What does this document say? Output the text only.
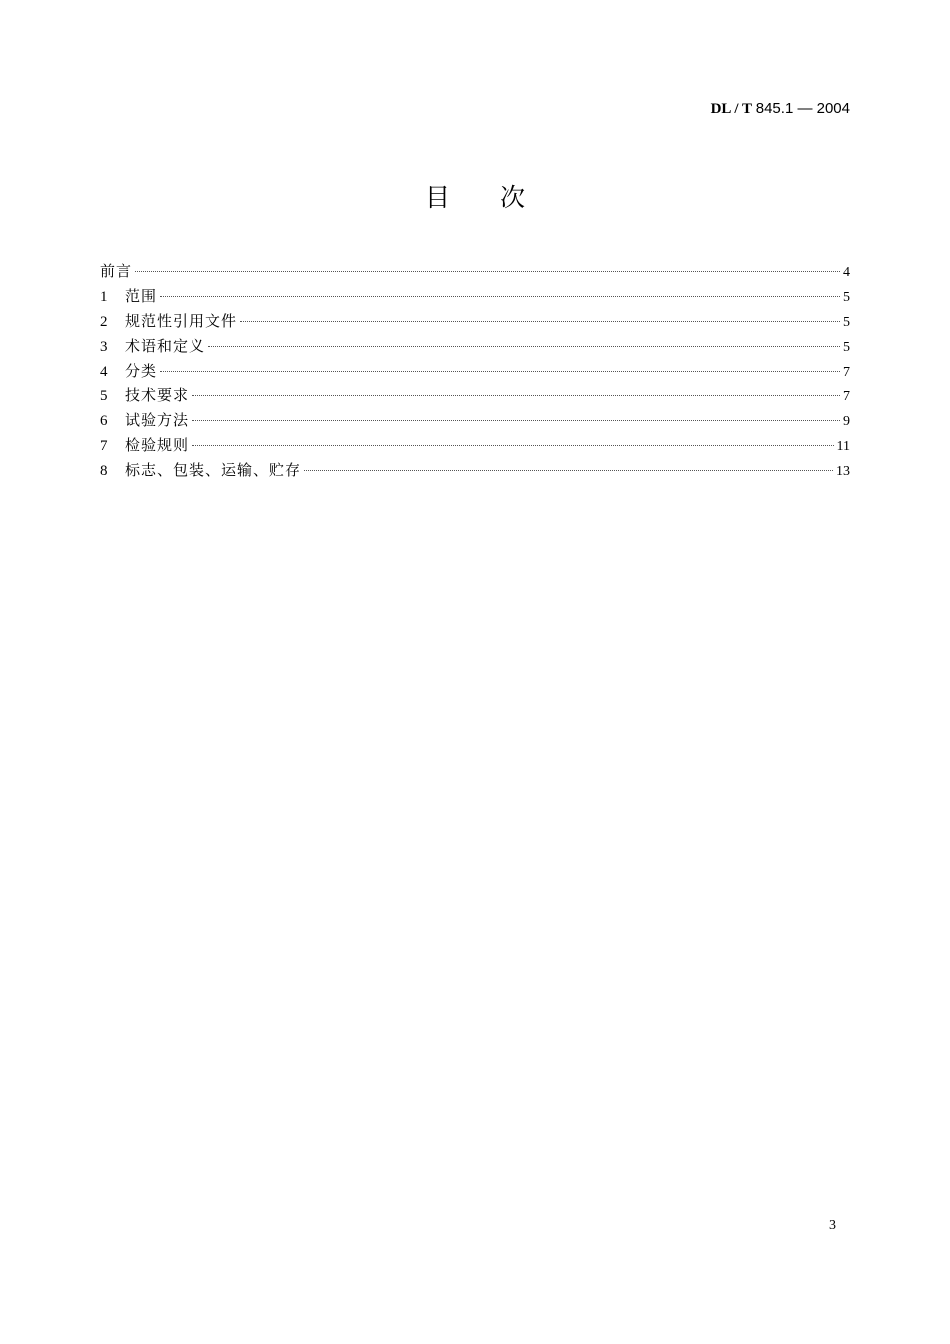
DL / T 845.1 — 2004
目 次
前言	4
1	范围	5
2	规范性引用文件	5
3	术语和定义	5
4	分类	7
5	技术要求	7
6	试验方法	9
7	检验规则	11
8	标志、包装、运输、贮存	13
3
